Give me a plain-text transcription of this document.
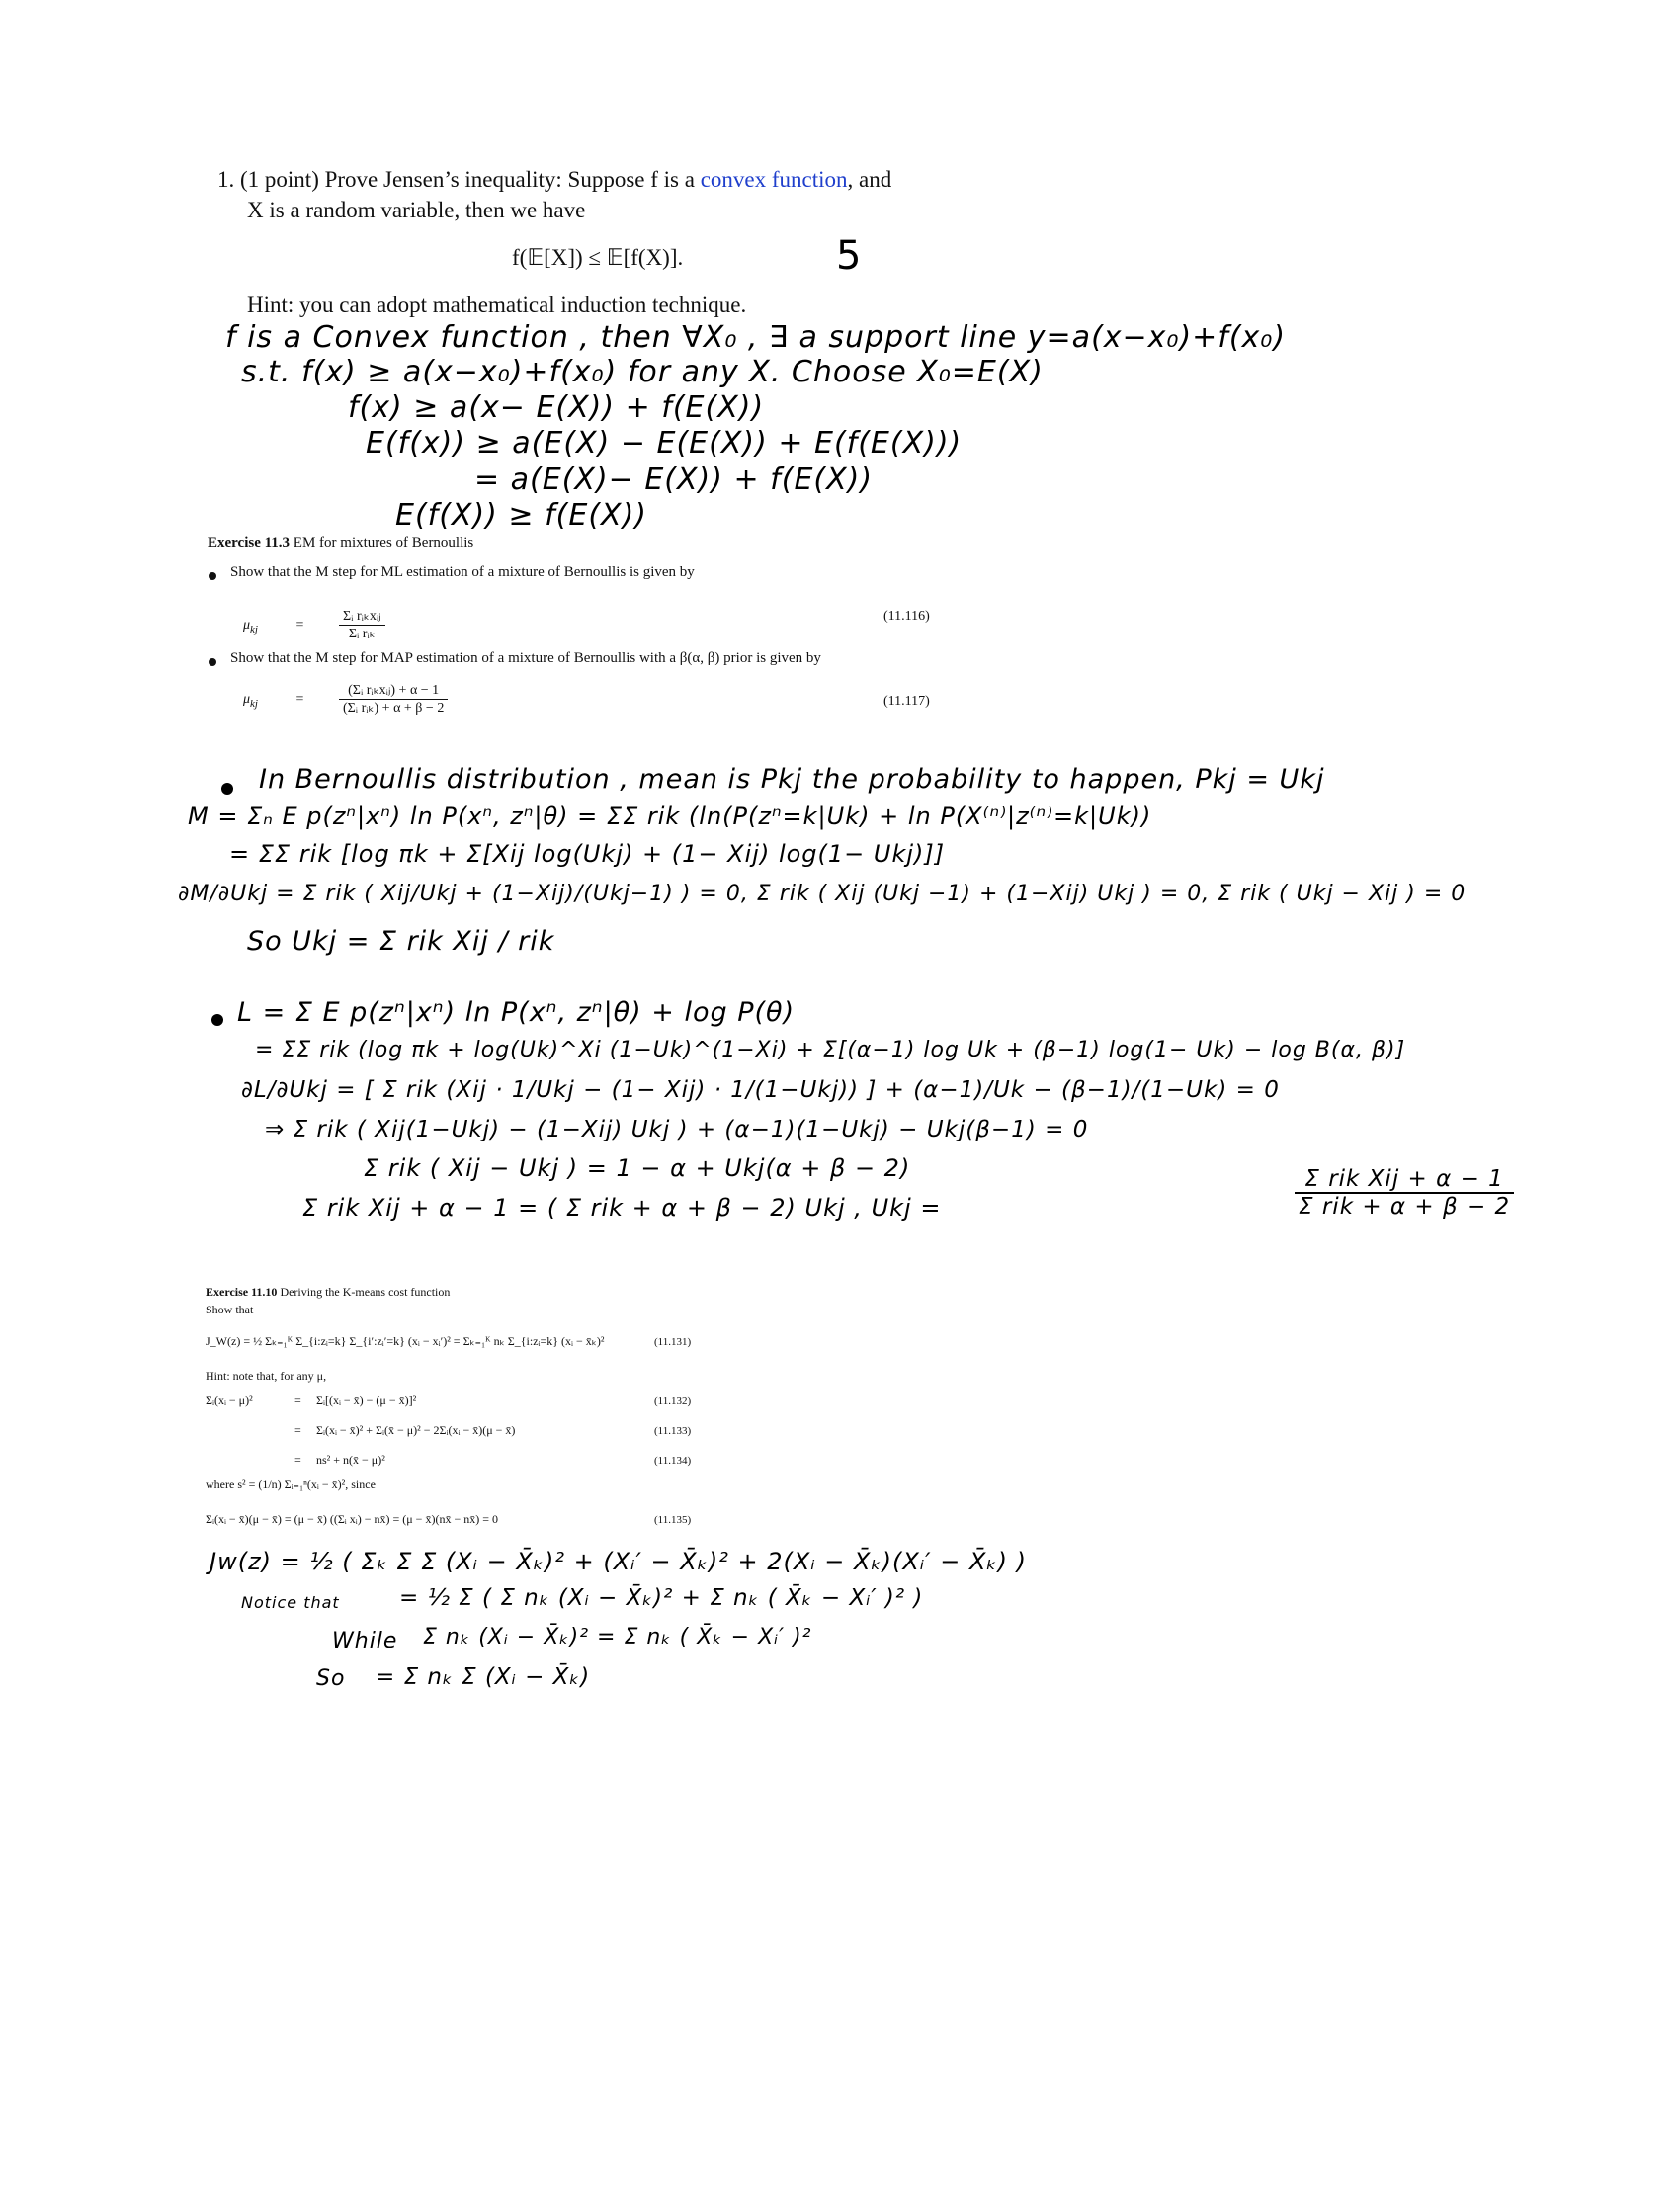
1. (1 point) Prove Jensen’s inequality: Suppose f is a convex function, and
X is a random variable, then we have
f(𝔼[X]) ≤ 𝔼[f(X)].	5
Hint: you can adopt mathematical induction technique.
f is a Convex function , then ∀X₀ , ∃ a support line y=a(x−x₀)+f(x₀)
s.t. f(x) ≥ a(x−x₀)+f(x₀) for any X. Choose X₀=E(X)
f(x) ≥ a(x− E(X)) + f(E(X))
E(f(x)) ≥ a(E(X) − E(E(X)) + E(f(E(X)))
= a(E(X)− E(X)) + f(E(X))
E(f(X)) ≥ f(E(X))
Exercise 11.3 EM for mixtures of Bernoullis
Show that the M step for ML estimation of a mixture of Bernoullis is given by
$\mu_{kj}$	=	$\frac{\text{Σᵢ rᵢₖxᵢⱼ}}{\text{Σᵢ rᵢₖ}}$	(11.116)
Show that the M step for MAP estimation of a mixture of Bernoullis with a β(α, β) prior is given by
$\mu_{kj}$	=	$\frac{\text{(Σᵢ rᵢₖxᵢⱼ) + α − 1}}{\text{(Σᵢ rᵢₖ) + α + β − 2}}$	(11.117)
In Bernoullis distribution , mean is Pkj the probability to happen, Pkj = Ukj
M = Σₙ E p(zⁿ|xⁿ) ln P(xⁿ, zⁿ|θ) = ΣΣ rik (ln(P(zⁿ=k|Uk) + ln P(X⁽ⁿ⁾|z⁽ⁿ⁾=k|Uk))
= ΣΣ rik [log πk + Σ[Xij log(Ukj) + (1− Xij) log(1− Ukj)]]
∂M/∂Ukj = Σ rik ( Xij/Ukj + (1−Xij)/(Ukj−1) ) = 0, Σ rik ( Xij (Ukj −1) + (1−Xij) Ukj ) = 0, Σ rik ( Ukj − Xij ) = 0
So Ukj = Σ rik Xij / rik
L = Σ E p(zⁿ|xⁿ) ln P(xⁿ, zⁿ|θ) + log P(θ)
= ΣΣ rik (log πk + log(Uk)^Xi (1−Uk)^(1−Xi) + Σ[(α−1) log Uk + (β−1) log(1− Uk) − log B(α, β)]
∂L/∂Ukj = [ Σ rik (Xij · 1/Ukj − (1− Xij) · 1/(1−Ukj)) ] + (α−1)/Uk − (β−1)/(1−Uk) = 0
⇒ Σ rik ( Xij(1−Ukj) − (1−Xij) Ukj ) + (α−1)(1−Ukj) − Ukj(β−1) = 0
Σ rik ( Xij − Ukj ) = 1 − α + Ukj(α + β − 2)
Σ rik Xij + α − 1 = ( Σ rik + α + β − 2) Ukj , Ukj =	$\frac{\text{Σ rik Xij + α − 1}}{\text{Σ rik + α + β − 2}}$
Exercise 11.10 Deriving the K-means cost function
Show that
J_W(z) = ½ Σₖ₌₁ᴷ Σ_{i:zᵢ=k} Σ_{i′:zᵢ′=k} (xᵢ − xᵢ′)² = Σₖ₌₁ᴷ nₖ Σ_{i:zᵢ=k} (xᵢ − x̄ₖ)²	(11.131)
Hint: note that, for any μ,
Σᵢ(xᵢ − μ)²	= Σᵢ[(xᵢ − x̄) − (μ − x̄)]²	(11.132)
= Σᵢ(xᵢ − x̄)² + Σᵢ(x̄ − μ)² − 2Σᵢ(xᵢ − x̄)(μ − x̄)	(11.133)
= ns² + n(x̄ − μ)²	(11.134)
where s² = (1/n) Σᵢ₌₁ⁿ(xᵢ − x̄)², since
Σᵢ(xᵢ − x̄)(μ − x̄) = (μ − x̄) ((Σᵢ xᵢ) − nx̄) = (μ − x̄)(nx̄ − nx̄) = 0	(11.135)
Jw(z) = ½ ( Σₖ Σ Σ (Xᵢ − X̄ₖ)² + (Xᵢ′ − X̄ₖ)² + 2(Xᵢ − X̄ₖ)(Xᵢ′ − X̄ₖ) )
Notice that	= ½ Σ ( Σ nₖ (Xᵢ − X̄ₖ)² + Σ nₖ ( X̄ₖ − Xᵢ′ )² )
While Σ nₖ (Xᵢ − X̄ₖ)² = Σ nₖ ( X̄ₖ − Xᵢ′ )²
So = Σ nₖ Σ (Xᵢ − X̄ₖ)
